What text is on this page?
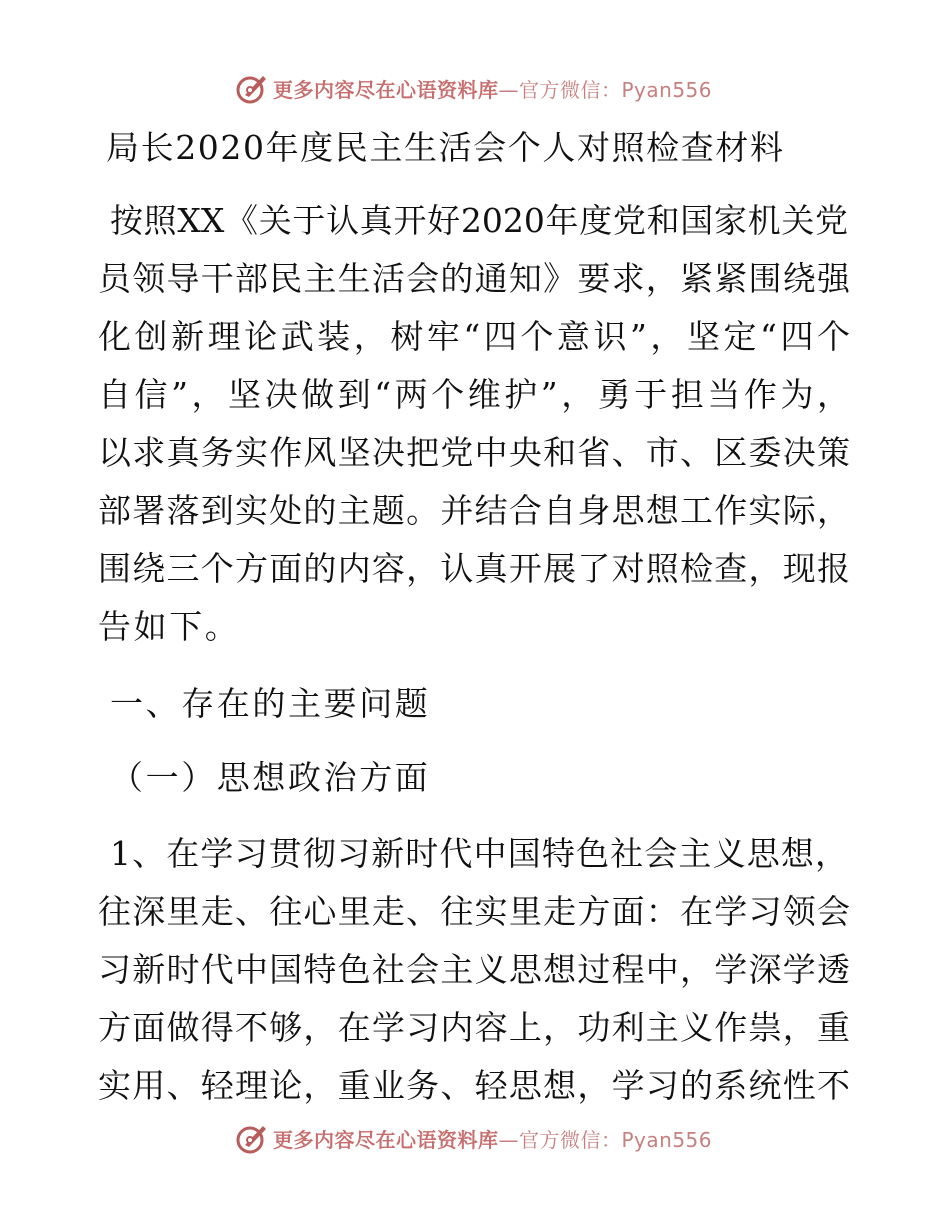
更多内容尽在心语资料库—官方微信：Pyan556
局长2020年度民主生活会个人对照检查材料
按照XX《关于认真开好2020年度党和国家机关党
员领导干部民主生活会的通知》要求，紧紧围绕强
化创新理论武装，树牢“四个意识”，坚定“四个
自信”，坚决做到“两个维护”，勇于担当作为，
以求真务实作风坚决把党中央和省、市、区委决策
部署落到实处的主题。并结合自身思想工作实际，
围绕三个方面的内容，认真开展了对照检查，现报
告如下。
一、存在的主要问题
（一）思想政治方面
1、在学习贯彻习新时代中国特色社会主义思想，
往深里走、往心里走、往实里走方面：在学习领会
习新时代中国特色社会主义思想过程中，学深学透
方面做得不够，在学习内容上，功利主义作祟，重
实用、轻理论，重业务、轻思想，学习的系统性不
更多内容尽在心语资料库—官方微信：Pyan556
